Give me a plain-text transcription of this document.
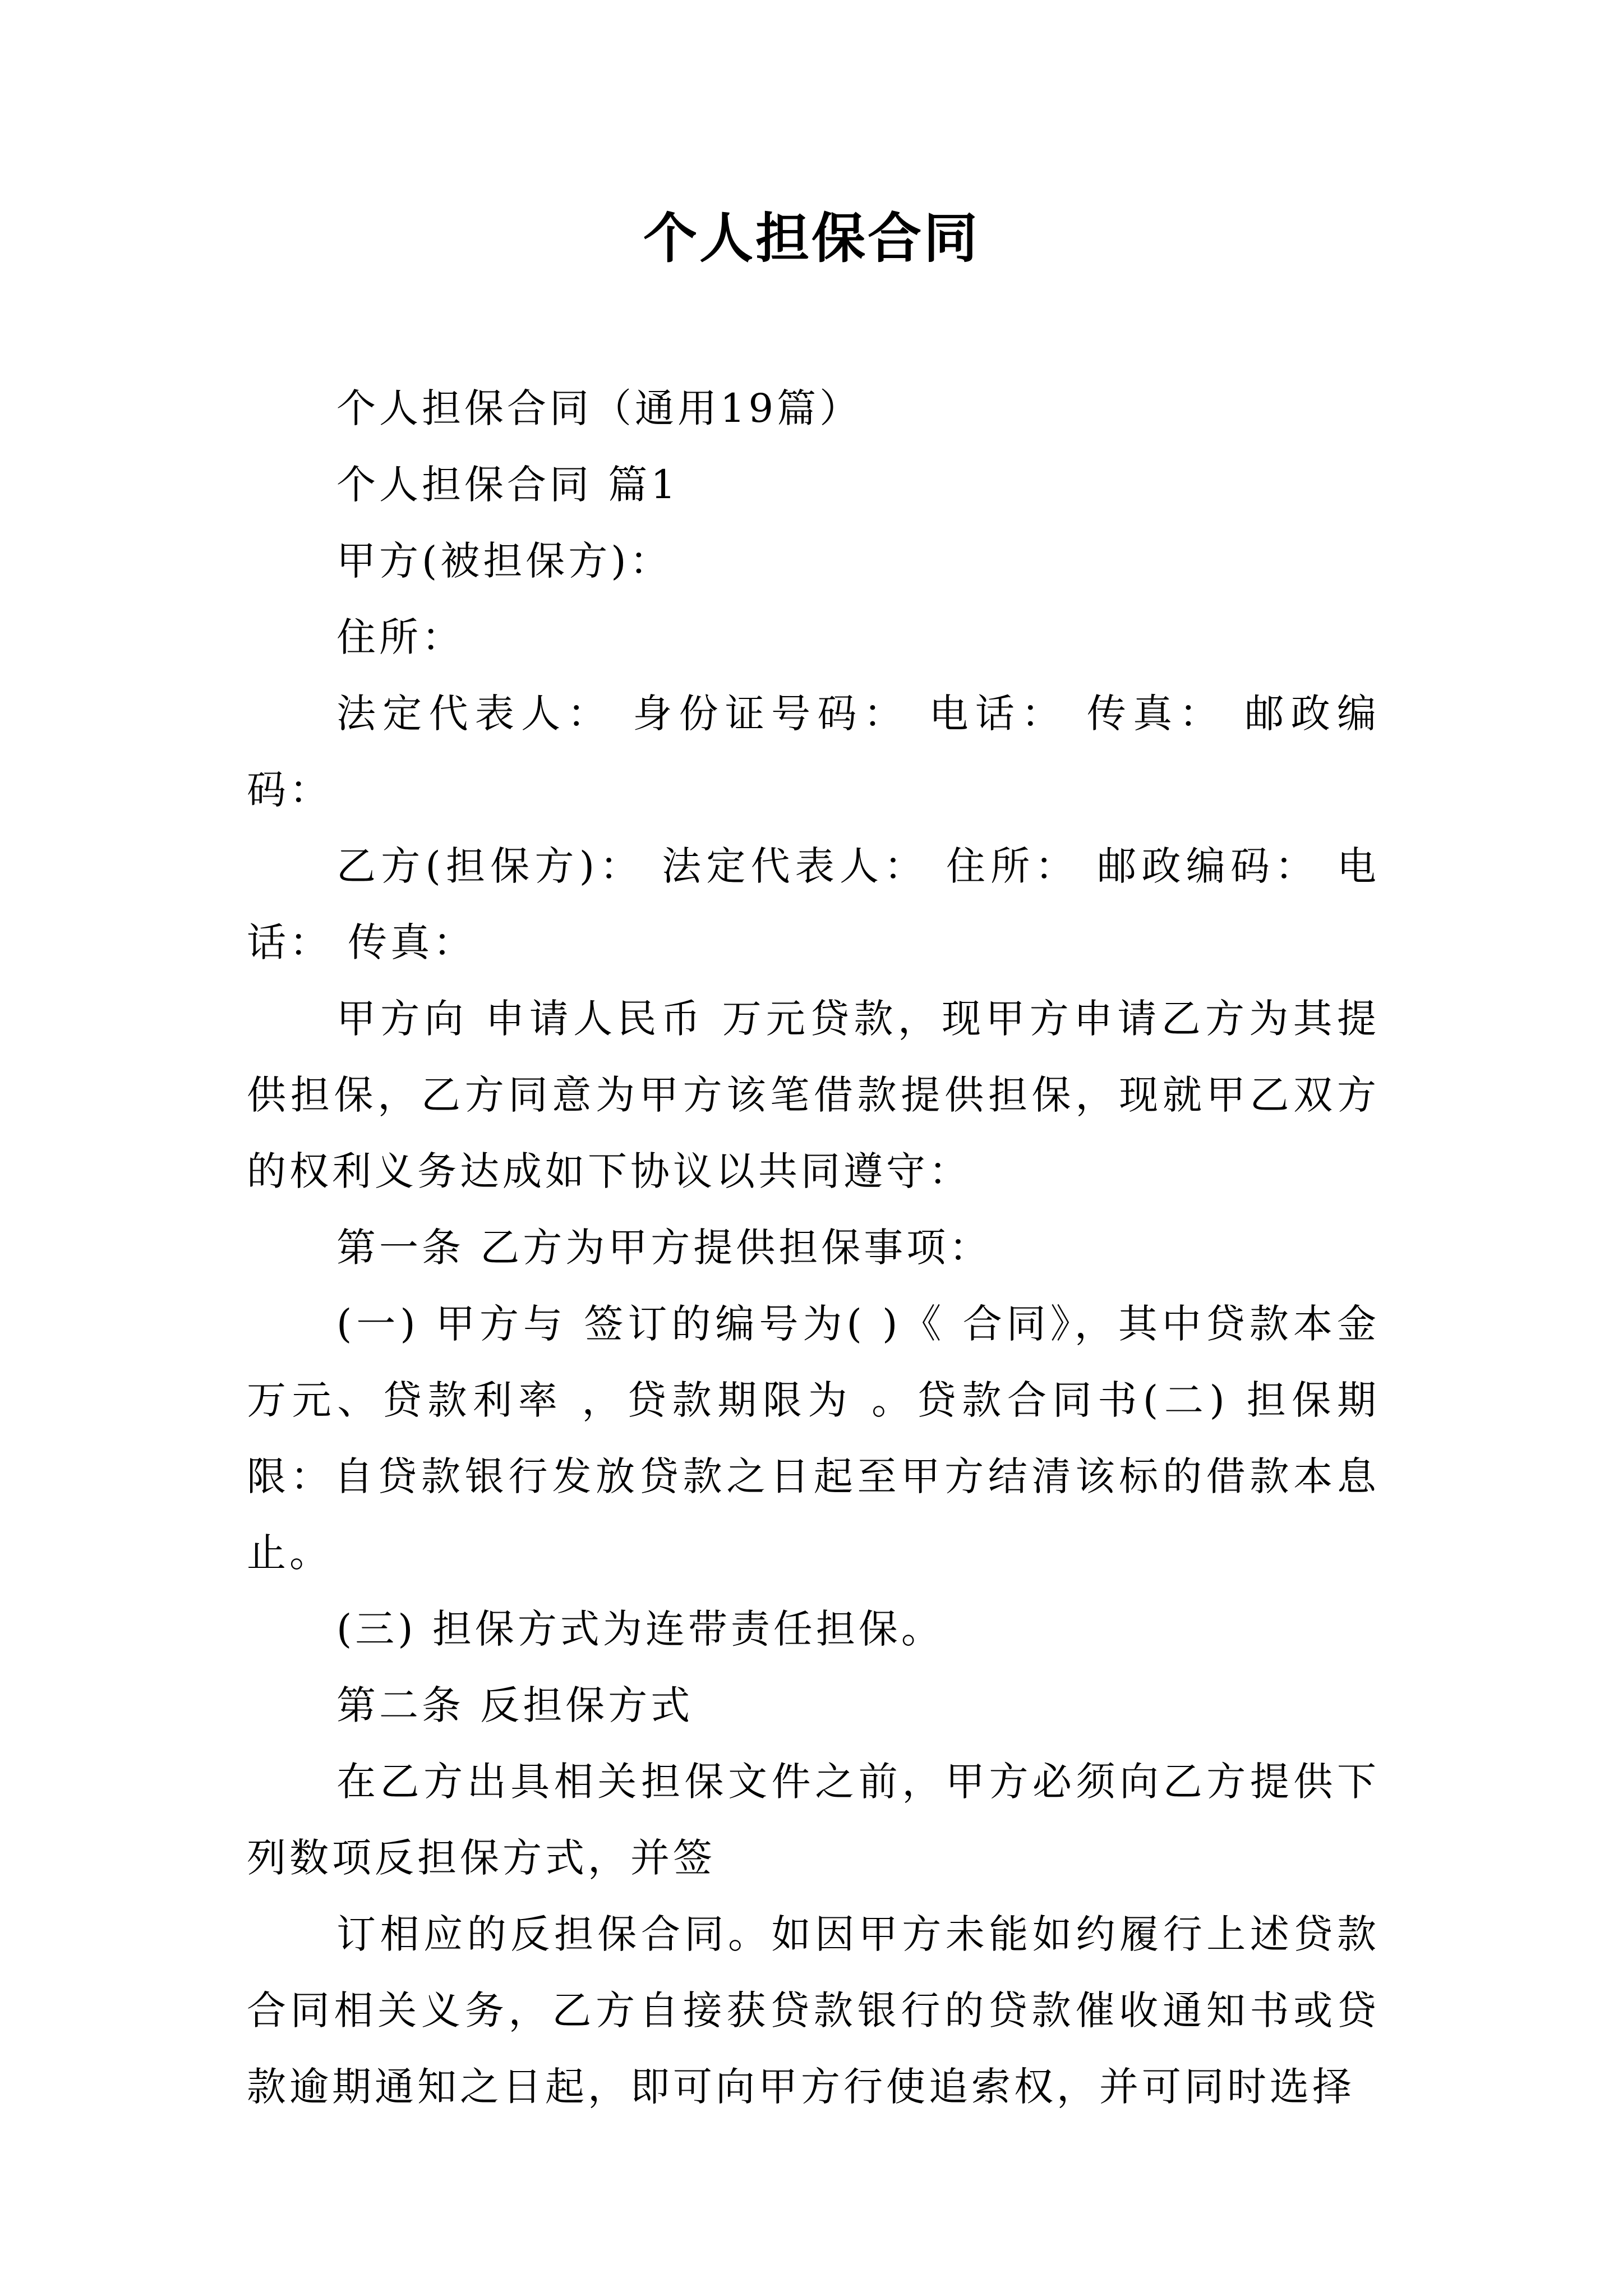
个人担保合同

个人担保合同（通用19篇）

个人担保合同 篇1

甲方(被担保方)：

住所：

法定代表人： 身份证号码： 电话： 传真： 邮政编码：

乙方(担保方)： 法定代表人： 住所： 邮政编码： 电话： 传真：

甲方向 申请人民币 万元贷款，现甲方申请乙方为其提供担保，乙方同意为甲方该笔借款提供担保，现就甲乙双方的权利义务达成如下协议以共同遵守：

第一条 乙方为甲方提供担保事项：

(一) 甲方与 签订的编号为( )《 合同》，其中贷款本金 万元、贷款利率 ，贷款期限为 。贷款合同书(二) 担保期限：自贷款银行发放贷款之日起至甲方结清该标的借款本息止。

(三) 担保方式为连带责任担保。

第二条 反担保方式

在乙方出具相关担保文件之前，甲方必须向乙方提供下列数项反担保方式，并签

订相应的反担保合同。如因甲方未能如约履行上述贷款合同相关义务，乙方自接获贷款银行的贷款催收通知书或贷款逾期通知之日起，即可向甲方行使追索权，并可同时选择
